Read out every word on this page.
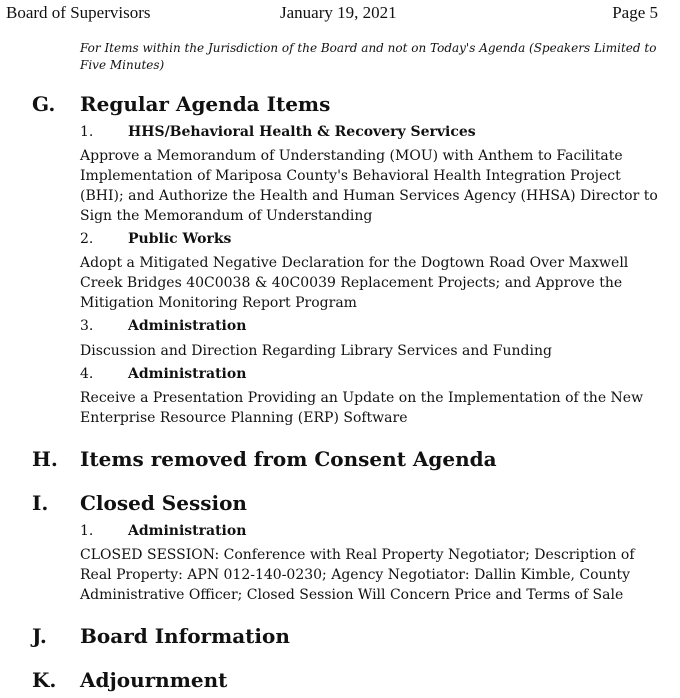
Board of Supervisors	January 19, 2021	Page 5
For Items within the Jurisdiction of the Board and not on Today's Agenda (Speakers Limited to Five Minutes)
G. Regular Agenda Items
1. HHS/Behavioral Health & Recovery Services
Approve a Memorandum of Understanding (MOU) with Anthem to Facilitate Implementation of Mariposa County's Behavioral Health Integration Project (BHI); and Authorize the Health and Human Services Agency (HHSA) Director to Sign the Memorandum of Understanding
2. Public Works
Adopt a Mitigated Negative Declaration for the Dogtown Road Over Maxwell Creek Bridges 40C0038 & 40C0039 Replacement Projects; and Approve the Mitigation Monitoring Report Program
3. Administration
Discussion and Direction Regarding Library Services and Funding
4. Administration
Receive a Presentation Providing an Update on the Implementation of the New Enterprise Resource Planning (ERP) Software
H. Items removed from Consent Agenda
I. Closed Session
1. Administration
CLOSED SESSION: Conference with Real Property Negotiator; Description of Real Property: APN 012-140-0230; Agency Negotiator: Dallin Kimble, County Administrative Officer; Closed Session Will Concern Price and Terms of Sale
J. Board Information
K. Adjournment
